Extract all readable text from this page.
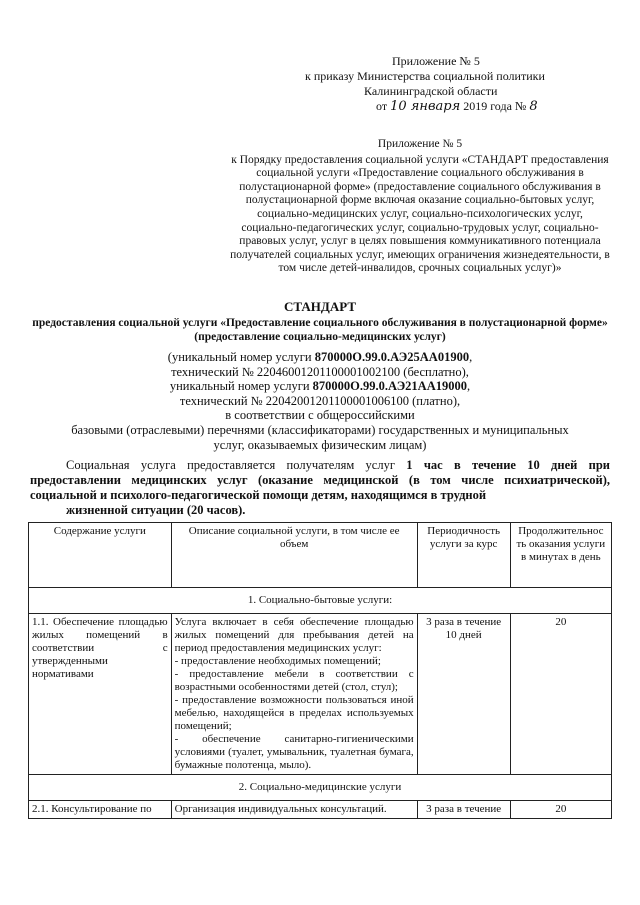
Приложение № 5
к приказу Министерства социальной политики
Калининградской области
от 10 января 2019 года № 8
Приложение № 5
к Порядку предоставления социальной услуги «СТАНДАРТ предоставления социальной услуги «Предоставление социального обслуживания в полустационарной форме» (предоставление социального обслуживания в полустационарной форме включая оказание социально-бытовых услуг, социально-медицинских услуг, социально-психологических услуг, социально-педагогических услуг, социально-трудовых услуг, социально-правовых услуг, услуг в целях повышения коммуникативного потенциала получателей социальных услуг, имеющих ограничения жизнедеятельности, в том числе детей-инвалидов, срочных социальных услуг)»
СТАНДАРТ
предоставления социальной услуги «Предоставление социального обслуживания в полустационарной форме» (предоставление социально-медицинских услуг)
(уникальный номер услуги 870000О.99.0.АЭ25АА01900,
технический № 22046001201100001002100 (бесплатно),
уникальный номер услуги 870000О.99.0.АЭ21АА19000,
технический № 22042001201100001006100 (платно),
в соответствии с общероссийскими
базовыми (отраслевыми) перечнями (классификаторами) государственных и муниципальных
услуг, оказываемых физическим лицам)

Социальная услуга предоставляется получателям услуг 1 час в течение 10 дней при предоставлении медицинских услуг (оказание медицинской (в том числе психиатрической), социальной и психолого-педагогической помощи детям, находящимся в трудной
жизненной ситуации (20 часов).

Содержание услуги	Описание социальной услуги, в том числе ее объем	Периодичность услуги за курс	Продолжительнос ть оказания услуги в минутах в день
1. Социально-бытовые услуги:			
1.1. Обеспечение площадью жилых помещений в соответствии с утвержденными нормативами	Услуга включает в себя обеспечение площадью жилых помещений для пребывания детей на период предоставления медицинских услуг:
- предоставление необходимых помещений;
- предоставление мебели в соответствии с возрастными особенностями детей (стол, стул);
- предоставление возможности пользоваться иной мебелью, находящейся в пределах используемых помещений;
- обеспечение санитарно-гигиеническими условиями (туалет, умывальник, туалетная бумага, бумажные полотенца, мыло).	3 раза в течение 10 дней	20
2. Социально-медицинские услуги			
2.1. Консультирование по	Организация индивидуальных консультаций.	3 раза в течение	20
